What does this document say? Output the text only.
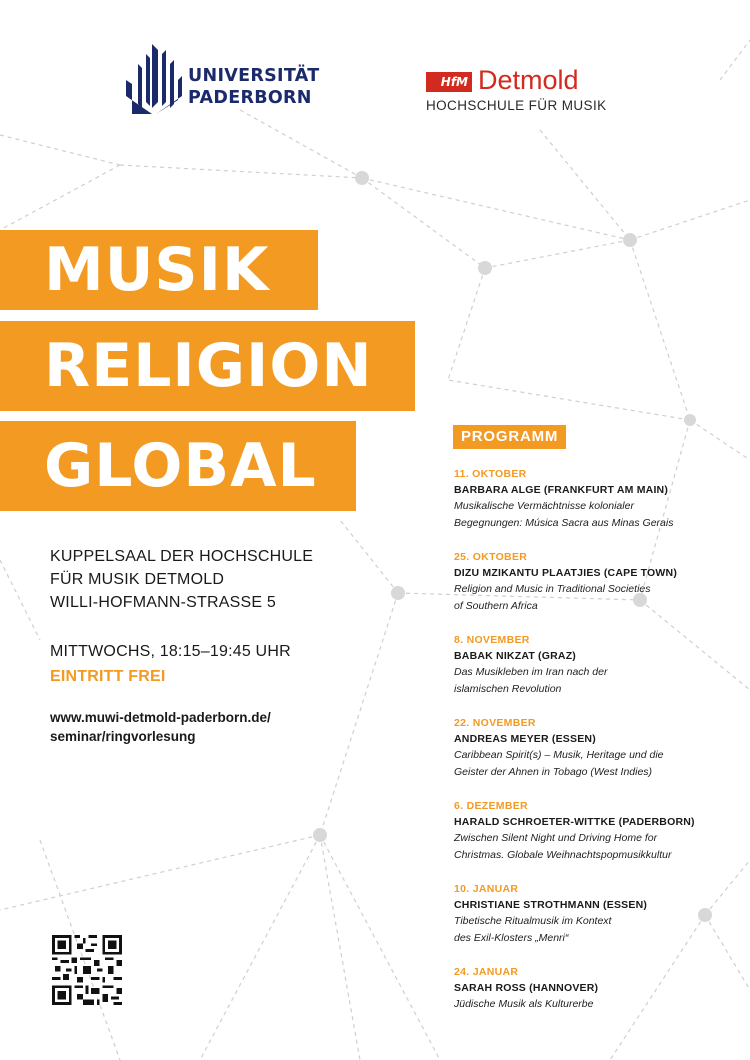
UNIVERSITÄT
PADERBORN
HfM Detmold
HOCHSCHULE FÜR MUSIK
MUSIK
RELIGION
GLOBAL
KUPPELSAAL DER HOCHSCHULE
FÜR MUSIK DETMOLD
WILLI-HOFMANN-STRASSE 5
MITTWOCHS, 18:15–19:45 UHR
EINTRITT FREI
www.muwi-detmold-paderborn.de/
seminar/ringvorlesung
PROGRAMM
11. OKTOBER
BARBARA ALGE (FRANKFURT AM MAIN)
Musikalische Vermächtnisse kolonialer
Begegnungen: Música Sacra aus Minas Gerais
25. OKTOBER
DIZU MZIKANTU PLAATJIES (CAPE TOWN)
Religion and Music in Traditional Societies
of Southern Africa
8. NOVEMBER
BABAK NIKZAT (GRAZ)
Das Musikleben im Iran nach der
islamischen Revolution
22. NOVEMBER
ANDREAS MEYER (ESSEN)
Caribbean Spirit(s) – Musik, Heritage und die
Geister der Ahnen in Tobago (West Indies)
6. DEZEMBER
HARALD SCHROETER-WITTKE (PADERBORN)
Zwischen Silent Night und Driving Home for
Christmas. Globale Weihnachtspopmusikkultur
10. JANUAR
CHRISTIANE STROTHMANN (ESSEN)
Tibetische Ritualmusik im Kontext
des Exil-Klosters „Menri“
24. JANUAR
SARAH ROSS (HANNOVER)
Jüdische Musik als Kulturerbe
